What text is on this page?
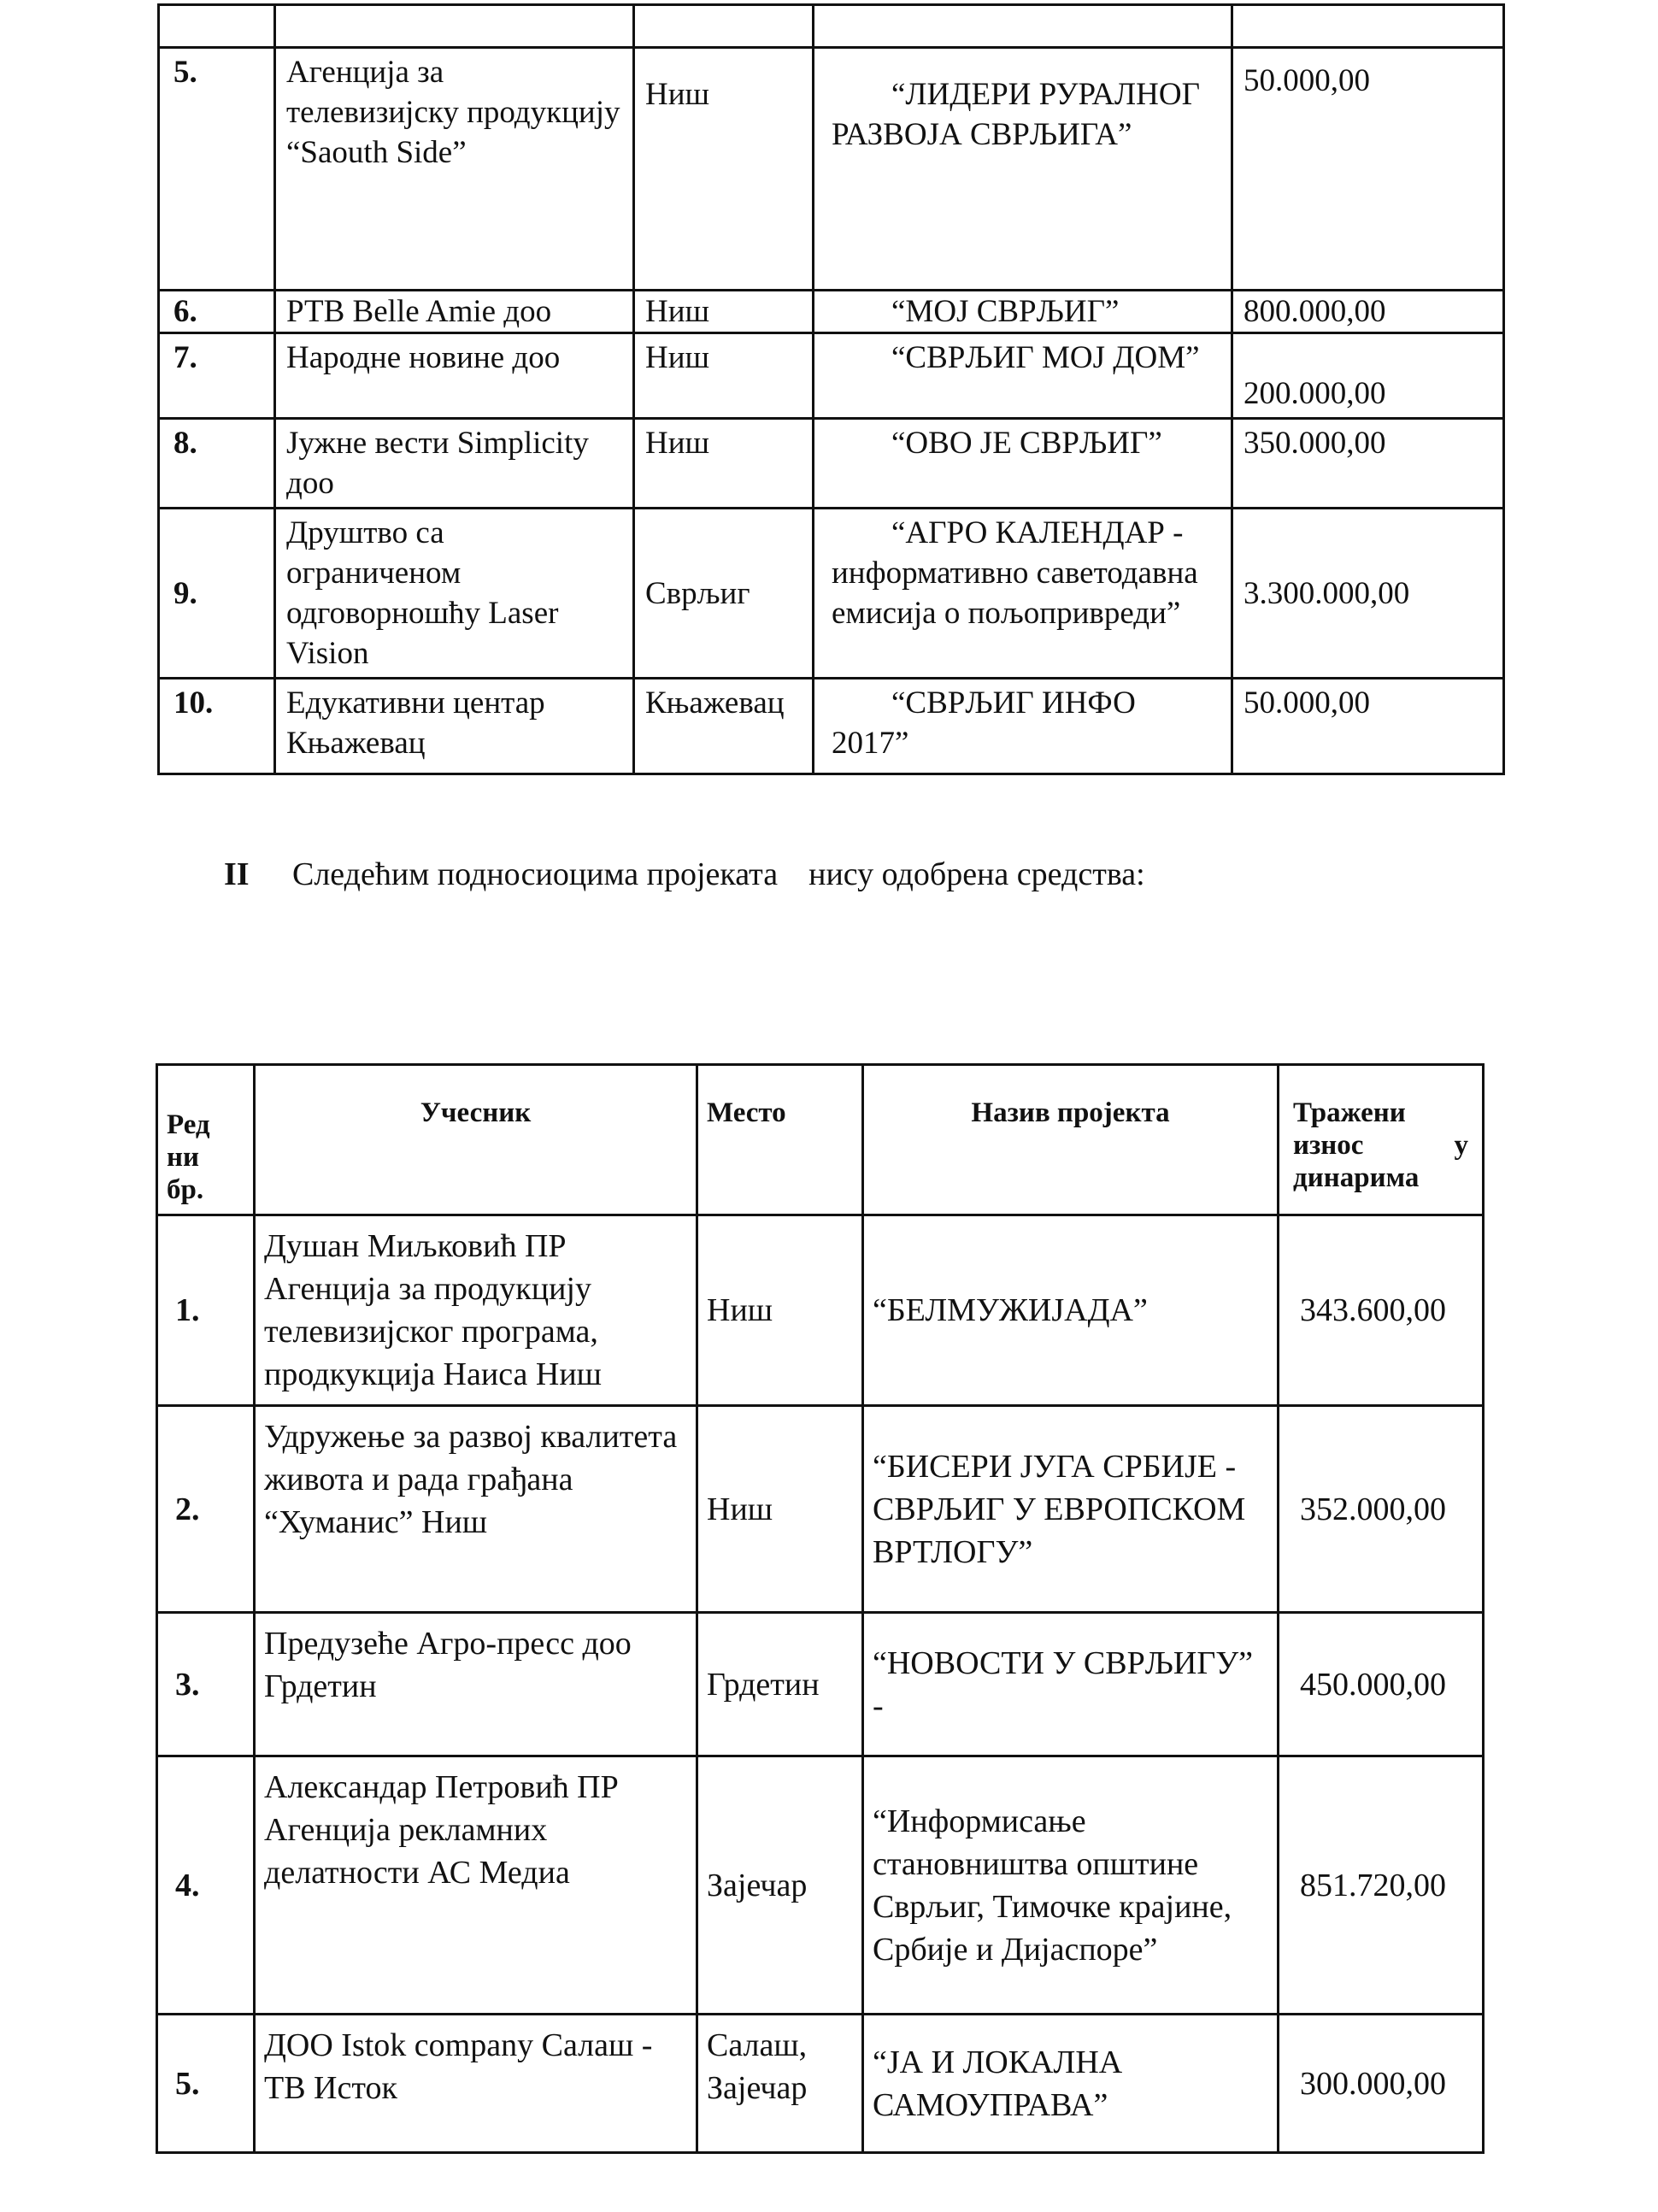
5.	Агенција за телевизијску продукцију “Saouth Side”	Ниш	“ЛИДЕРИ РУРАЛНОГ РАЗВОЈА СВРЉИГА”	50.000,00
6.	РТВ Belle Amie доо	Ниш	“МОЈ СВРЉИГ”	800.000,00
7.	Народне новине доо	Ниш	“СВРЉИГ МОЈ ДОМ”	200.000,00
8.	Јужне вести Simplicity доо	Ниш	“ОВО ЈЕ СВРЉИГ”	350.000,00
9.	Друштво са ограниченом одговорношћу Laser Vision	Сврљиг	“АГРО КАЛЕНДАР - информативно саветодавна емисија о пољопривреди”	3.300.000,00
10.	Едукативни центар Књажевац	Књажевац	“СВРЉИГ ИНФО 2017”	50.000,00
II Следећим подносиоцима пројеката нису одобрена средства:
Ред
ни
бр.	Учесник	Место	Назив пројекта	Тражени
износ у
динарима

1.	Душан Миљковић ПР Агенција за продукцију телевизијског програма, продкукција Наиса Ниш	Ниш	“БЕЛМУЖИЈАДА”	343.600,00
2.	Удружење за развој квалитета живота и рада грађана “Хуманис” Ниш	Ниш	“БИСЕРИ ЈУГА СРБИЈЕ - СВРЉИГ У ЕВРОПСКОМ ВРТЛОГУ”	352.000,00
3.	Предузеће Агро-пресс доо Грдетин	Грдетин	“НОВОСТИ У СВРЉИГУ” -	450.000,00
4.	Александар Петровић ПР Агенција рекламних делатности АС Медиа	Зајечар	“Информисање становништва општине Сврљиг, Тимочке крајине, Србије и Дијаспоре”	851.720,00
5.	ДОО Istok company Салаш - ТВ Исток	Салаш,
Зајечар	“ЈА И ЛОКАЛНА САМОУПРАВА”	300.000,00
